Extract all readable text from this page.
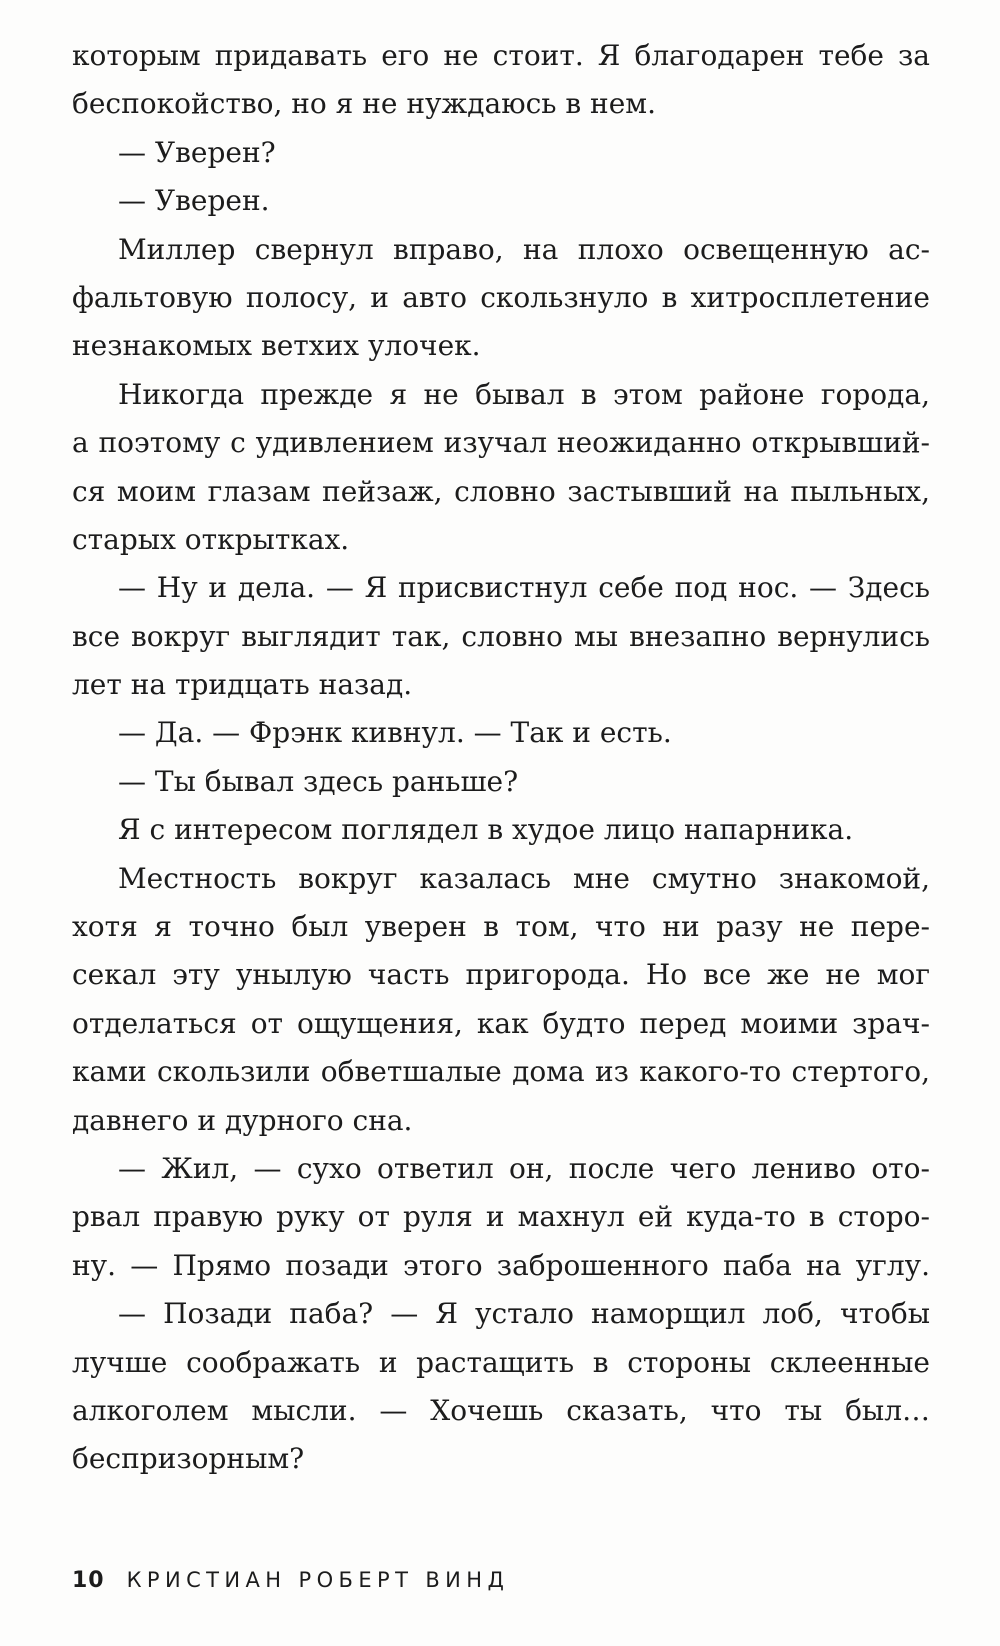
которым придавать его не стоит. Я благодарен тебе за
беспокойство, но я не нуждаюсь в нем.
— Уверен?
— Уверен.
Миллер свернул вправо, на плохо освещенную ас-
фальтовую полосу, и авто скользнуло в хитросплетение
незнакомых ветхих улочек.
Никогда прежде я не бывал в этом районе города,
а поэтому с удивлением изучал неожиданно открывший-
ся моим глазам пейзаж, словно застывший на пыльных,
старых открытках.
— Ну и дела. — Я присвистнул себе под нос. — Здесь
все вокруг выглядит так, словно мы внезапно вернулись
лет на тридцать назад.
— Да. — Фрэнк кивнул. — Так и есть.
— Ты бывал здесь раньше?
Я с интересом поглядел в худое лицо напарника.
Местность вокруг казалась мне смутно знакомой,
хотя я точно был уверен в том, что ни разу не пере-
секал эту унылую часть пригорода. Но все же не мог
отделаться от ощущения, как будто перед моими зрач-
ками скользили обветшалые дома из какого-то стертого,
давнего и дурного сна.
— Жил, — сухо ответил он, после чего лениво ото-
рвал правую руку от руля и махнул ей куда-то в сторо-
ну. — Прямо позади этого заброшенного паба на углу.
— Позади паба? — Я устало наморщил лоб, чтобы
лучше соображать и растащить в стороны склеенные
алкоголем мысли. — Хочешь сказать, что ты был…
беспризорным?
10 КРИСТИАН РОБЕРТ ВИНД
